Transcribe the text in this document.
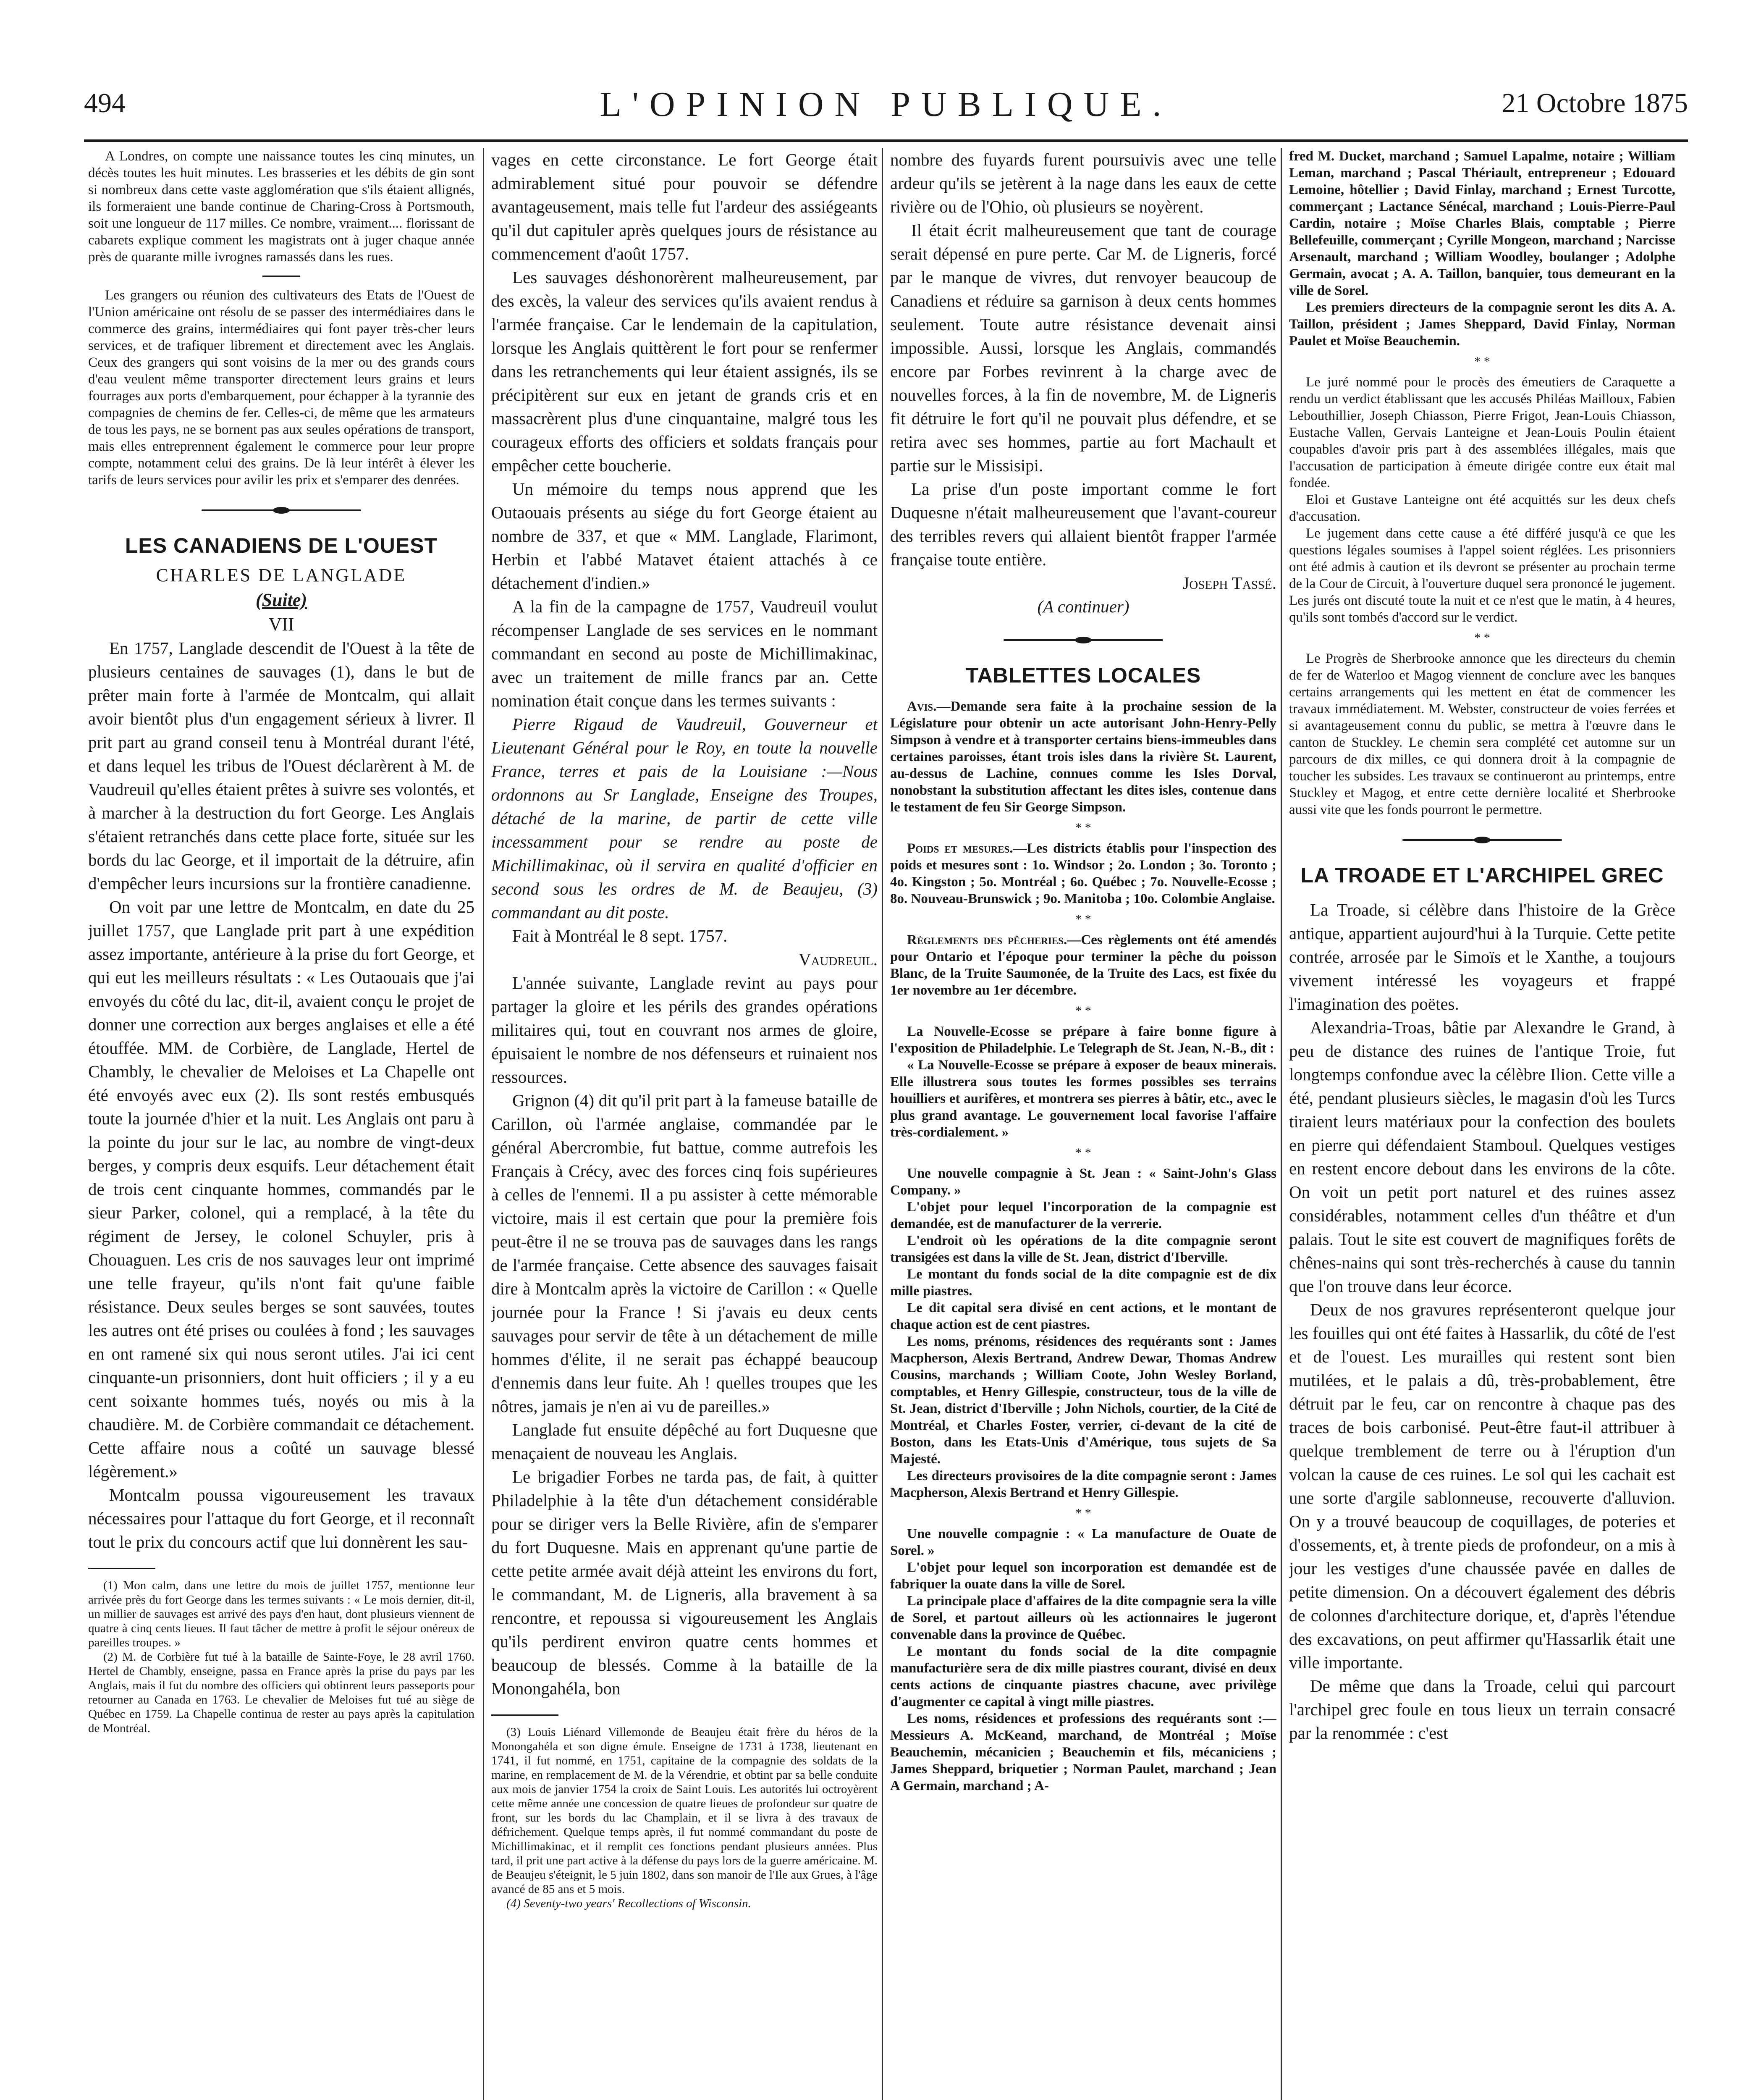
494	L'OPINION PUBLIQUE.	21 Octobre 1875

A Londres, on compte une naissance toutes les cinq minutes, un décès toutes les huit minutes. Les brasseries et les débits de gin sont si nombreux dans cette vaste agglomération que s'ils étaient allignés, ils formeraient une bande continue de Charing-Cross à Portsmouth, soit une longueur de 117 milles. Ce nombre, vraiment.... florissant de cabarets explique comment les magistrats ont à juger chaque année près de quarante mille ivrognes ramassés dans les rues.

Les grangers ou réunion des cultivateurs des Etats de l'Ouest de l'Union américaine ont résolu de se passer des intermédiaires dans le commerce des grains, intermédiaires qui font payer très-cher leurs services, et de trafiquer librement et directement avec les Anglais. Ceux des grangers qui sont voisins de la mer ou des grands cours d'eau veulent même transporter directement leurs grains et leurs fourrages aux ports d'embarquement, pour échapper à la tyrannie des compagnies de chemins de fer. Celles-ci, de même que les armateurs de tous les pays, ne se bornent pas aux seules opérations de transport, mais elles entreprennent également le commerce pour leur propre compte, notamment celui des grains. De là leur intérêt à élever les tarifs de leurs services pour avilir les prix et s'emparer des denrées.

LES CANADIENS DE L'OUEST
CHARLES DE LANGLADE
(Suite)
VII

En 1757, Langlade descendit de l'Ouest à la tête de plusieurs centaines de sauvages (1), dans le but de prêter main forte à l'armée de Montcalm, qui allait avoir bientôt plus d'un engagement sérieux à livrer. Il prit part au grand conseil tenu à Montréal durant l'été, et dans lequel les tribus de l'Ouest déclarèrent à M. de Vaudreuil qu'elles étaient prêtes à suivre ses volontés, et à marcher à la destruction du fort George. Les Anglais s'étaient retranchés dans cette place forte, située sur les bords du lac George, et il importait de la détruire, afin d'empêcher leurs incursions sur la frontière canadienne.

On voit par une lettre de Montcalm, en date du 25 juillet 1757, que Langlade prit part à une expédition assez importante, antérieure à la prise du fort George, et qui eut les meilleurs résultats : « Les Outaouais que j'ai envoyés du côté du lac, dit-il, avaient conçu le projet de donner une correction aux berges anglaises et elle a été étouffée. MM. de Corbière, de Langlade, Hertel de Chambly, le chevalier de Meloises et La Chapelle ont été envoyés avec eux (2). Ils sont restés embusqués toute la journée d'hier et la nuit. Les Anglais ont paru à la pointe du jour sur le lac, au nombre de vingt-deux berges, y compris deux esquifs. Leur détachement était de trois cent cinquante hommes, commandés par le sieur Parker, colonel, qui a remplacé, à la tête du régiment de Jersey, le colonel Schuyler, pris à Chouaguen. Les cris de nos sauvages leur ont imprimé une telle frayeur, qu'ils n'ont fait qu'une faible résistance. Deux seules berges se sont sauvées, toutes les autres ont été prises ou coulées à fond ; les sauvages en ont ramené six qui nous seront utiles. J'ai ici cent cinquante-un prisonniers, dont huit officiers ; il y a eu cent soixante hommes tués, noyés ou mis à la chaudière. M. de Corbière commandait ce détachement. Cette affaire nous a coûté un sauvage blessé légèrement.»

Montcalm poussa vigoureusement les travaux nécessaires pour l'attaque du fort George, et il reconnaît tout le prix du concours actif que lui donnèrent les sau-

(1) Mon calm, dans une lettre du mois de juillet 1757, mentionne leur arrivée près du fort George dans les termes suivants : « Le mois dernier, dit-il, un millier de sauvages est arrivé des pays d'en haut, dont plusieurs viennent de quatre à cinq cents lieues. Il faut tâcher de mettre à profit le séjour onéreux de pareilles troupes. »

(2) M. de Corbière fut tué à la bataille de Sainte-Foye, le 28 avril 1760. Hertel de Chambly, enseigne, passa en France après la prise du pays par les Anglais, mais il fut du nombre des officiers qui obtinrent leurs passeports pour retourner au Canada en 1763. Le chevalier de Meloises fut tué au siège de Québec en 1759. La Chapelle continua de rester au pays après la capitulation de Montréal.

vages en cette circonstance. Le fort George était admirablement situé pour pouvoir se défendre avantageusement, mais telle fut l'ardeur des assiégeants qu'il dut capituler après quelques jours de résistance au commencement d'août 1757.

Les sauvages déshonorèrent malheureusement, par des excès, la valeur des services qu'ils avaient rendus à l'armée française. Car le lendemain de la capitulation, lorsque les Anglais quittèrent le fort pour se renfermer dans les retranchements qui leur étaient assignés, ils se précipitèrent sur eux en jetant de grands cris et en massacrèrent plus d'une cinquantaine, malgré tous les courageux efforts des officiers et soldats français pour empêcher cette boucherie.

Un mémoire du temps nous apprend que les Outaouais présents au siége du fort George étaient au nombre de 337, et que « MM. Langlade, Flarimont, Herbin et l'abbé Matavet étaient attachés à ce détachement d'indien.»

A la fin de la campagne de 1757, Vaudreuil voulut récompenser Langlade de ses services en le nommant commandant en second au poste de Michillimakinac, avec un traitement de mille francs par an. Cette nomination était conçue dans les termes suivants :

Pierre Rigaud de Vaudreuil, Gouverneur et Lieutenant Général pour le Roy, en toute la nouvelle France, terres et pais de la Louisiane :—Nous ordonnons au Sr Langlade, Enseigne des Troupes, détaché de la marine, de partir de cette ville incessamment pour se rendre au poste de Michillimakinac, où il servira en qualité d'officier en second sous les ordres de M. de Beaujeu, (3) commandant au dit poste.

Fait à Montréal le 8 sept. 1757.

Vaudreuil.

L'année suivante, Langlade revint au pays pour partager la gloire et les périls des grandes opérations militaires qui, tout en couvrant nos armes de gloire, épuisaient le nombre de nos défenseurs et ruinaient nos ressources.

Grignon (4) dit qu'il prit part à la fameuse bataille de Carillon, où l'armée anglaise, commandée par le général Abercrombie, fut battue, comme autrefois les Français à Crécy, avec des forces cinq fois supérieures à celles de l'ennemi. Il a pu assister à cette mémorable victoire, mais il est certain que pour la première fois peut-être il ne se trouva pas de sauvages dans les rangs de l'armée française. Cette absence des sauvages faisait dire à Montcalm après la victoire de Carillon : « Quelle journée pour la France ! Si j'avais eu deux cents sauvages pour servir de tête à un détachement de mille hommes d'élite, il ne serait pas échappé beaucoup d'ennemis dans leur fuite. Ah ! quelles troupes que les nôtres, jamais je n'en ai vu de pareilles.»

Langlade fut ensuite dépêché au fort Duquesne que menaçaient de nouveau les Anglais.

Le brigadier Forbes ne tarda pas, de fait, à quitter Philadelphie à la tête d'un détachement considérable pour se diriger vers la Belle Rivière, afin de s'emparer du fort Duquesne. Mais en apprenant qu'une partie de cette petite armée avait déjà atteint les environs du fort, le commandant, M. de Ligneris, alla bravement à sa rencontre, et repoussa si vigoureusement les Anglais qu'ils perdirent environ quatre cents hommes et beaucoup de blessés. Comme à la bataille de la Monongahéla, bon

(3) Louis Liénard Villemonde de Beaujeu était frère du héros de la Monongahéla et son digne émule. Enseigne de 1731 à 1738, lieutenant en 1741, il fut nommé, en 1751, capitaine de la compagnie des soldats de la marine, en remplacement de M. de la Vérendrie, et obtint par sa belle conduite aux mois de janvier 1754 la croix de Saint Louis. Les autorités lui octroyèrent cette même année une concession de quatre lieues de profondeur sur quatre de front, sur les bords du lac Champlain, et il se livra à des travaux de défrichement. Quelque temps après, il fut nommé commandant du poste de Michillimakinac, et il remplit ces fonctions pendant plusieurs années. Plus tard, il prit une part active à la défense du pays lors de la guerre américaine. M. de Beaujeu s'éteignit, le 5 juin 1802, dans son manoir de l'Ile aux Grues, à l'âge avancé de 85 ans et 5 mois.

(4) Seventy-two years' Recollections of Wisconsin.

nombre des fuyards furent poursuivis avec une telle ardeur qu'ils se jetèrent à la nage dans les eaux de cette rivière ou de l'Ohio, où plusieurs se noyèrent.

Il était écrit malheureusement que tant de courage serait dépensé en pure perte. Car M. de Ligneris, forcé par le manque de vivres, dut renvoyer beaucoup de Canadiens et réduire sa garnison à deux cents hommes seulement. Toute autre résistance devenait ainsi impossible. Aussi, lorsque les Anglais, commandés encore par Forbes revinrent à la charge avec de nouvelles forces, à la fin de novembre, M. de Ligneris fit détruire le fort qu'il ne pouvait plus défendre, et se retira avec ses hommes, partie au fort Machault et partie sur le Missisipi.

La prise d'un poste important comme le fort Duquesne n'était malheureusement que l'avant-coureur des terribles revers qui allaient bientôt frapper l'armée française toute entière.

Joseph Tassé.

(A continuer)

TABLETTES LOCALES

Avis.—Demande sera faite à la prochaine session de la Législature pour obtenir un acte autorisant John-Henry-Pelly Simpson à vendre et à transporter certains biens-immeubles dans certaines paroisses, étant trois isles dans la rivière St. Laurent, au-dessus de Lachine, connues comme les Isles Dorval, nonobstant la substitution affectant les dites isles, contenue dans le testament de feu Sir George Simpson.

* *

Poids et mesures.—Les districts établis pour l'inspection des poids et mesures sont : 1o. Windsor ; 2o. London ; 3o. Toronto ; 4o. Kingston ; 5o. Montréal ; 6o. Québec ; 7o. Nouvelle-Ecosse ; 8o. Nouveau-Brunswick ; 9o. Manitoba ; 10o. Colombie Anglaise.

* *

Règlements des pêcheries.—Ces règlements ont été amendés pour Ontario et l'époque pour terminer la pêche du poisson Blanc, de la Truite Saumonée, de la Truite des Lacs, est fixée du 1er novembre au 1er décembre.

* *

La Nouvelle-Ecosse se prépare à faire bonne figure à l'exposition de Philadelphie. Le Telegraph de St. Jean, N.-B., dit :

« La Nouvelle-Ecosse se prépare à exposer de beaux minerais. Elle illustrera sous toutes les formes possibles ses terrains houilliers et aurifères, et montrera ses pierres à bâtir, etc., avec le plus grand avantage. Le gouvernement local favorise l'affaire très-cordialement. »

* *

Une nouvelle compagnie à St. Jean : « Saint-John's Glass Company. »

L'objet pour lequel l'incorporation de la compagnie est demandée, est de manufacturer de la verrerie.

L'endroit où les opérations de la dite compagnie seront transigées est dans la ville de St. Jean, district d'Iberville.

Le montant du fonds social de la dite compagnie est de dix mille piastres.

Le dit capital sera divisé en cent actions, et le montant de chaque action est de cent piastres.

Les noms, prénoms, résidences des requérants sont : James Macpherson, Alexis Bertrand, Andrew Dewar, Thomas Andrew Cousins, marchands ; William Coote, John Wesley Borland, comptables, et Henry Gillespie, constructeur, tous de la ville de St. Jean, district d'Iberville ; John Nichols, courtier, de la Cité de Montréal, et Charles Foster, verrier, ci-devant de la cité de Boston, dans les Etats-Unis d'Amérique, tous sujets de Sa Majesté.

Les directeurs provisoires de la dite compagnie seront : James Macpherson, Alexis Bertrand et Henry Gillespie.

* *

Une nouvelle compagnie : « La manufacture de Ouate de Sorel. »

L'objet pour lequel son incorporation est demandée est de fabriquer la ouate dans la ville de Sorel.

La principale place d'affaires de la dite compagnie sera la ville de Sorel, et partout ailleurs où les actionnaires le jugeront convenable dans la province de Québec.

Le montant du fonds social de la dite compagnie manufacturière sera de dix mille piastres courant, divisé en deux cents actions de cinquante piastres chacune, avec privilège d'augmenter ce capital à vingt mille piastres.

Les noms, résidences et professions des requérants sont :—Messieurs A. McKeand, marchand, de Montréal ; Moïse Beauchemin, mécanicien ; Beauchemin et fils, mécaniciens ; James Sheppard, briquetier ; Norman Paulet, marchand ; Jean A Germain, marchand ; A-

fred M. Ducket, marchand ; Samuel Lapalme, notaire ; William Leman, marchand ; Pascal Thériault, entrepreneur ; Edouard Lemoine, hôtellier ; David Finlay, marchand ; Ernest Turcotte, commerçant ; Lactance Sénécal, marchand ; Louis-Pierre-Paul Cardin, notaire ; Moïse Charles Blais, comptable ; Pierre Bellefeuille, commerçant ; Cyrille Mongeon, marchand ; Narcisse Arsenault, marchand ; William Woodley, boulanger ; Adolphe Germain, avocat ; A. A. Taillon, banquier, tous demeurant en la ville de Sorel.

Les premiers directeurs de la compagnie seront les dits A. A. Taillon, président ; James Sheppard, David Finlay, Norman Paulet et Moïse Beauchemin.

* *

Le juré nommé pour le procès des émeutiers de Caraquette a rendu un verdict établissant que les accusés Philéas Mailloux, Fabien Lebouthillier, Joseph Chiasson, Pierre Frigot, Jean-Louis Chiasson, Eustache Vallen, Gervais Lanteigne et Jean-Louis Poulin étaient coupables d'avoir pris part à des assemblées illégales, mais que l'accusation de participation à émeute dirigée contre eux était mal fondée.

Eloi et Gustave Lanteigne ont été acquittés sur les deux chefs d'accusation.

Le jugement dans cette cause a été différé jusqu'à ce que les questions légales soumises à l'appel soient réglées. Les prisonniers ont été admis à caution et ils devront se présenter au prochain terme de la Cour de Circuit, à l'ouverture duquel sera prononcé le jugement. Les jurés ont discuté toute la nuit et ce n'est que le matin, à 4 heures, qu'ils sont tombés d'accord sur le verdict.

* *

Le Progrès de Sherbrooke annonce que les directeurs du chemin de fer de Waterloo et Magog viennent de conclure avec les banques certains arrangements qui les mettent en état de commencer les travaux immédiatement. M. Webster, constructeur de voies ferrées et si avantageusement connu du public, se mettra à l'œuvre dans le canton de Stuckley. Le chemin sera complété cet automne sur un parcours de dix milles, ce qui donnera droit à la compagnie de toucher les subsides. Les travaux se continueront au printemps, entre Stuckley et Magog, et entre cette dernière localité et Sherbrooke aussi vite que les fonds pourront le permettre.

LA TROADE ET L'ARCHIPEL GREC

La Troade, si célèbre dans l'histoire de la Grèce antique, appartient aujourd'hui à la Turquie. Cette petite contrée, arrosée par le Simoïs et le Xanthe, a toujours vivement intéressé les voyageurs et frappé l'imagination des poëtes.

Alexandria-Troas, bâtie par Alexandre le Grand, à peu de distance des ruines de l'antique Troie, fut longtemps confondue avec la célèbre Ilion. Cette ville a été, pendant plusieurs siècles, le magasin d'où les Turcs tiraient leurs matériaux pour la confection des boulets en pierre qui défendaient Stamboul. Quelques vestiges en restent encore debout dans les environs de la côte. On voit un petit port naturel et des ruines assez considérables, notamment celles d'un théâtre et d'un palais. Tout le site est couvert de magnifiques forêts de chênes-nains qui sont très-recherchés à cause du tannin que l'on trouve dans leur écorce.

Deux de nos gravures représenteront quelque jour les fouilles qui ont été faites à Hassarlik, du côté de l'est et de l'ouest. Les murailles qui restent sont bien mutilées, et le palais a dû, très-probablement, être détruit par le feu, car on rencontre à chaque pas des traces de bois carbonisé. Peut-être faut-il attribuer à quelque tremblement de terre ou à l'éruption d'un volcan la cause de ces ruines. Le sol qui les cachait est une sorte d'argile sablonneuse, recouverte d'alluvion. On y a trouvé beaucoup de coquillages, de poteries et d'ossements, et, à trente pieds de profondeur, on a mis à jour les vestiges d'une chaussée pavée en dalles de petite dimension. On a découvert également des débris de colonnes d'architecture dorique, et, d'après l'étendue des excavations, on peut affirmer qu'Hassarlik était une ville importante.

De même que dans la Troade, celui qui parcourt l'archipel grec foule en tous lieux un terrain consacré par la renommée : c'est
